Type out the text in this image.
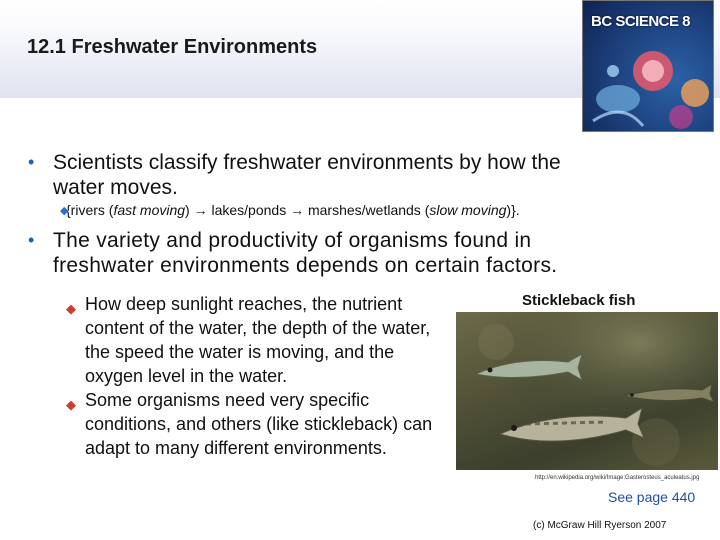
12.1 Freshwater Environments
BC SCIENCE 8
• Scientists classify freshwater environments by how the water moves.
◆
{rivers (fast moving) → lakes/ponds → marshes/wetlands (slow moving)}.
• The variety and productivity of organisms found in freshwater environments depends on certain factors.
◆ How deep sunlight reaches, the nutrient content of the water, the depth of the water, the speed the water is moving, and the oxygen level in the water.
◆ Some organisms need very specific conditions, and others (like stickleback) can adapt to many different environments.
Stickleback fish
http://en.wikipedia.org/wiki/Image:Gasterosteus_aculeatus.jpg
See page 440
(c) McGraw Hill Ryerson 2007
